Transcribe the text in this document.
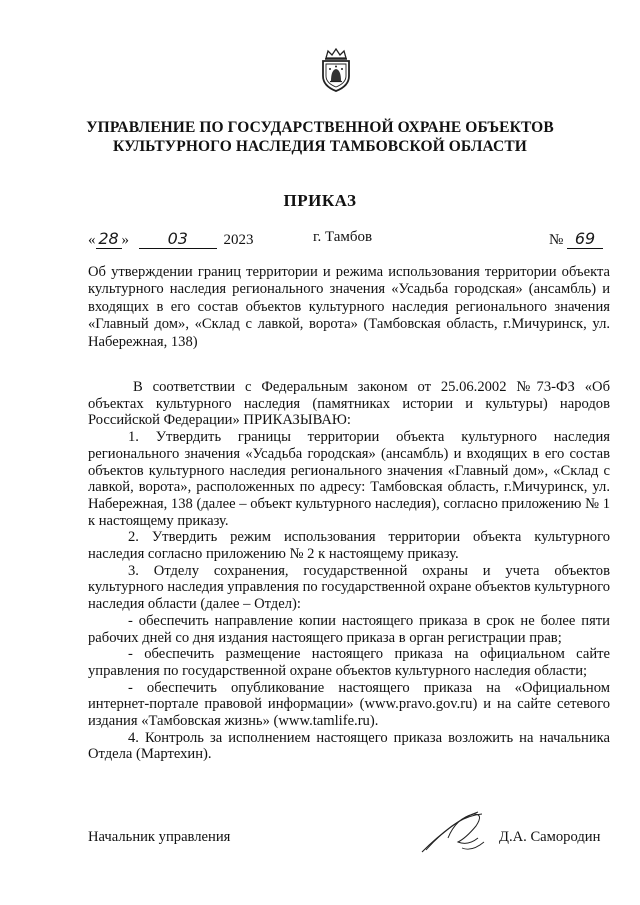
УПРАВЛЕНИЕ ПО ГОСУДАРСТВЕННОЙ ОХРАНЕ ОБЪЕКТОВ
КУЛЬТУРНОГО НАСЛЕДИЯ ТАМБОВСКОЙ ОБЛАСТИ
ПРИКАЗ
« 28 » 03 2023	г. Тамбов	№ 69
Об утверждении границ территории и режима использования территории объекта культурного наследия регионального значения «Усадьба городская» (ансамбль) и входящих в его состав объектов культурного наследия регионального значения «Главный дом», «Склад с лавкой, ворота» (Тамбовская область, г.Мичуринск, ул. Набережная, 138)

В соответствии с Федеральным законом от 25.06.2002 №73-ФЗ «Об объектах культурного наследия (памятниках истории и культуры) народов Российской Федерации» ПРИКАЗЫВАЮ:

1. Утвердить границы территории объекта культурного наследия регионального значения «Усадьба городская» (ансамбль) и входящих в его состав объектов культурного наследия регионального значения «Главный дом», «Склад с лавкой, ворота», расположенных по адресу: Тамбовская область, г.Мичуринск, ул. Набережная, 138 (далее – объект культурного наследия), согласно приложению № 1 к настоящему приказу.

2. Утвердить режим использования территории объекта культурного наследия согласно приложению № 2 к настоящему приказу.

3. Отделу сохранения, государственной охраны и учета объектов культурного наследия управления по государственной охране объектов культурного наследия области (далее – Отдел):

- обеспечить направление копии настоящего приказа в срок не более пяти рабочих дней со дня издания настоящего приказа в орган регистрации прав;

- обеспечить размещение настоящего приказа на официальном сайте управления по государственной охране объектов культурного наследия области;

- обеспечить опубликование настоящего приказа на «Официальном интернет-портале правовой информации» (www.pravo.gov.ru) и на сайте сетевого издания «Тамбовская жизнь» (www.tamlife.ru).

4. Контроль за исполнением настоящего приказа возложить на начальника Отдела (Мартехин).

Начальник управления	Д.А. Самородин
